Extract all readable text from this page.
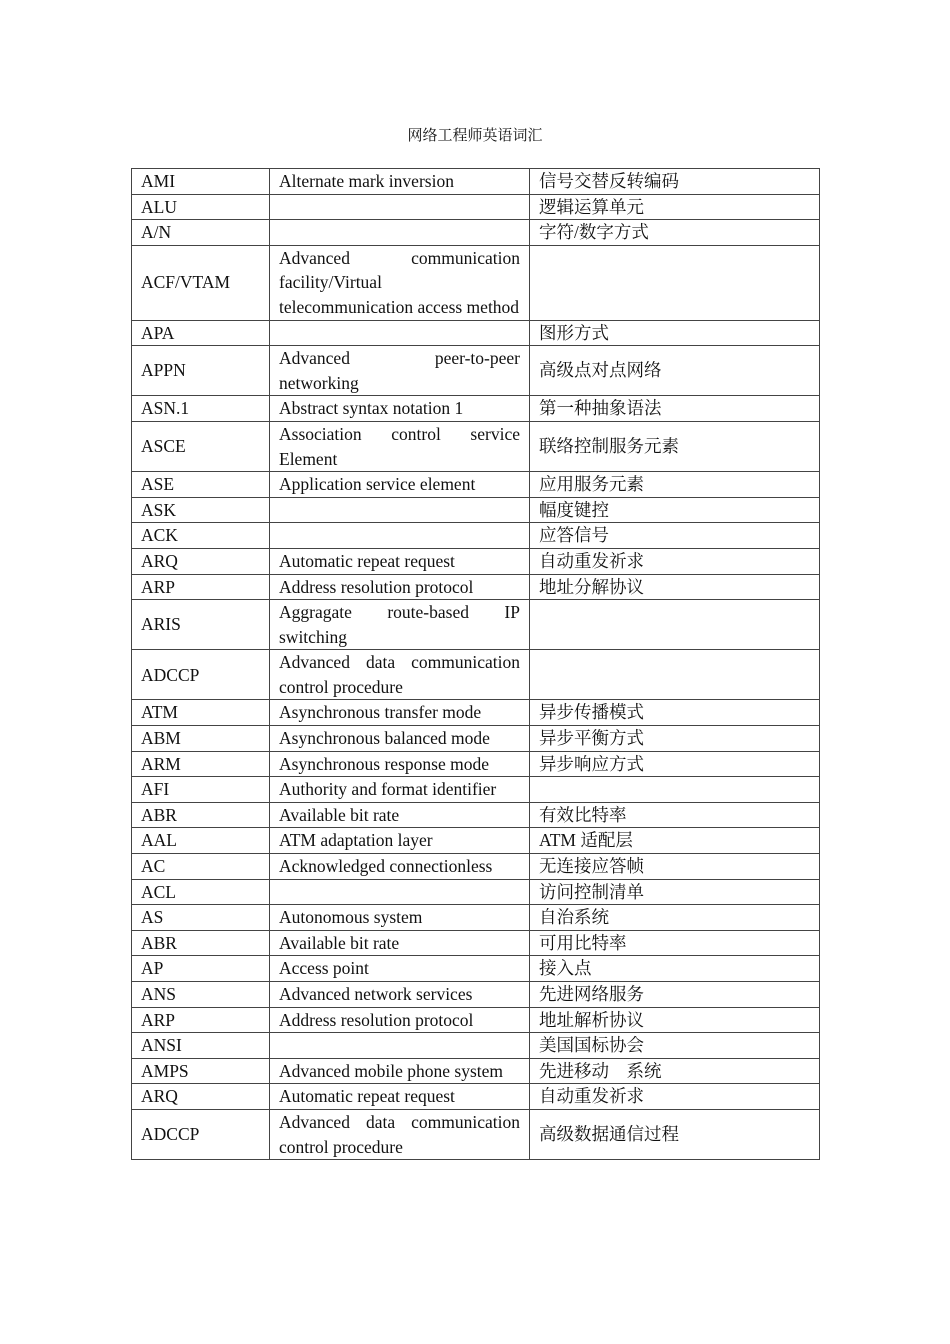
网络工程师英语词汇
AMI	Alternate mark inversion	信号交替反转编码
ALU		逻辑运算单元
A/N		字符/数字方式
ACF/VTAM	Advanced communication facility/Virtual telecommunication access method	
APA		图形方式
APPN	Advanced peer-to-peer networking	高级点对点网络
ASN.1	Abstract syntax notation 1	第一种抽象语法
ASCE	Association control service Element	联络控制服务元素
ASE	Application service element	应用服务元素
ASK		幅度键控
ACK		应答信号
ARQ	Automatic repeat request	自动重发祈求
ARP	Address resolution protocol	地址分解协议
ARIS	Aggragate route-based IP switching	
ADCCP	Advanced data communication control procedure	
ATM	Asynchronous transfer mode	异步传播模式
ABM	Asynchronous balanced mode	异步平衡方式
ARM	Asynchronous response mode	异步响应方式
AFI	Authority and format identifier	
ABR	Available bit rate	有效比特率
AAL	ATM adaptation layer	ATM 适配层
AC	Acknowledged connectionless	无连接应答帧
ACL		访问控制清单
AS	Autonomous system	自治系统
ABR	Available bit rate	可用比特率
AP	Access point	接入点
ANS	Advanced network services	先进网络服务
ARP	Address resolution protocol	地址解析协议
ANSI		美国国标协会
AMPS	Advanced mobile phone system	先进移动　系统
ARQ	Automatic repeat request	自动重发祈求
ADCCP	Advanced data communication control procedure	高级数据通信过程
